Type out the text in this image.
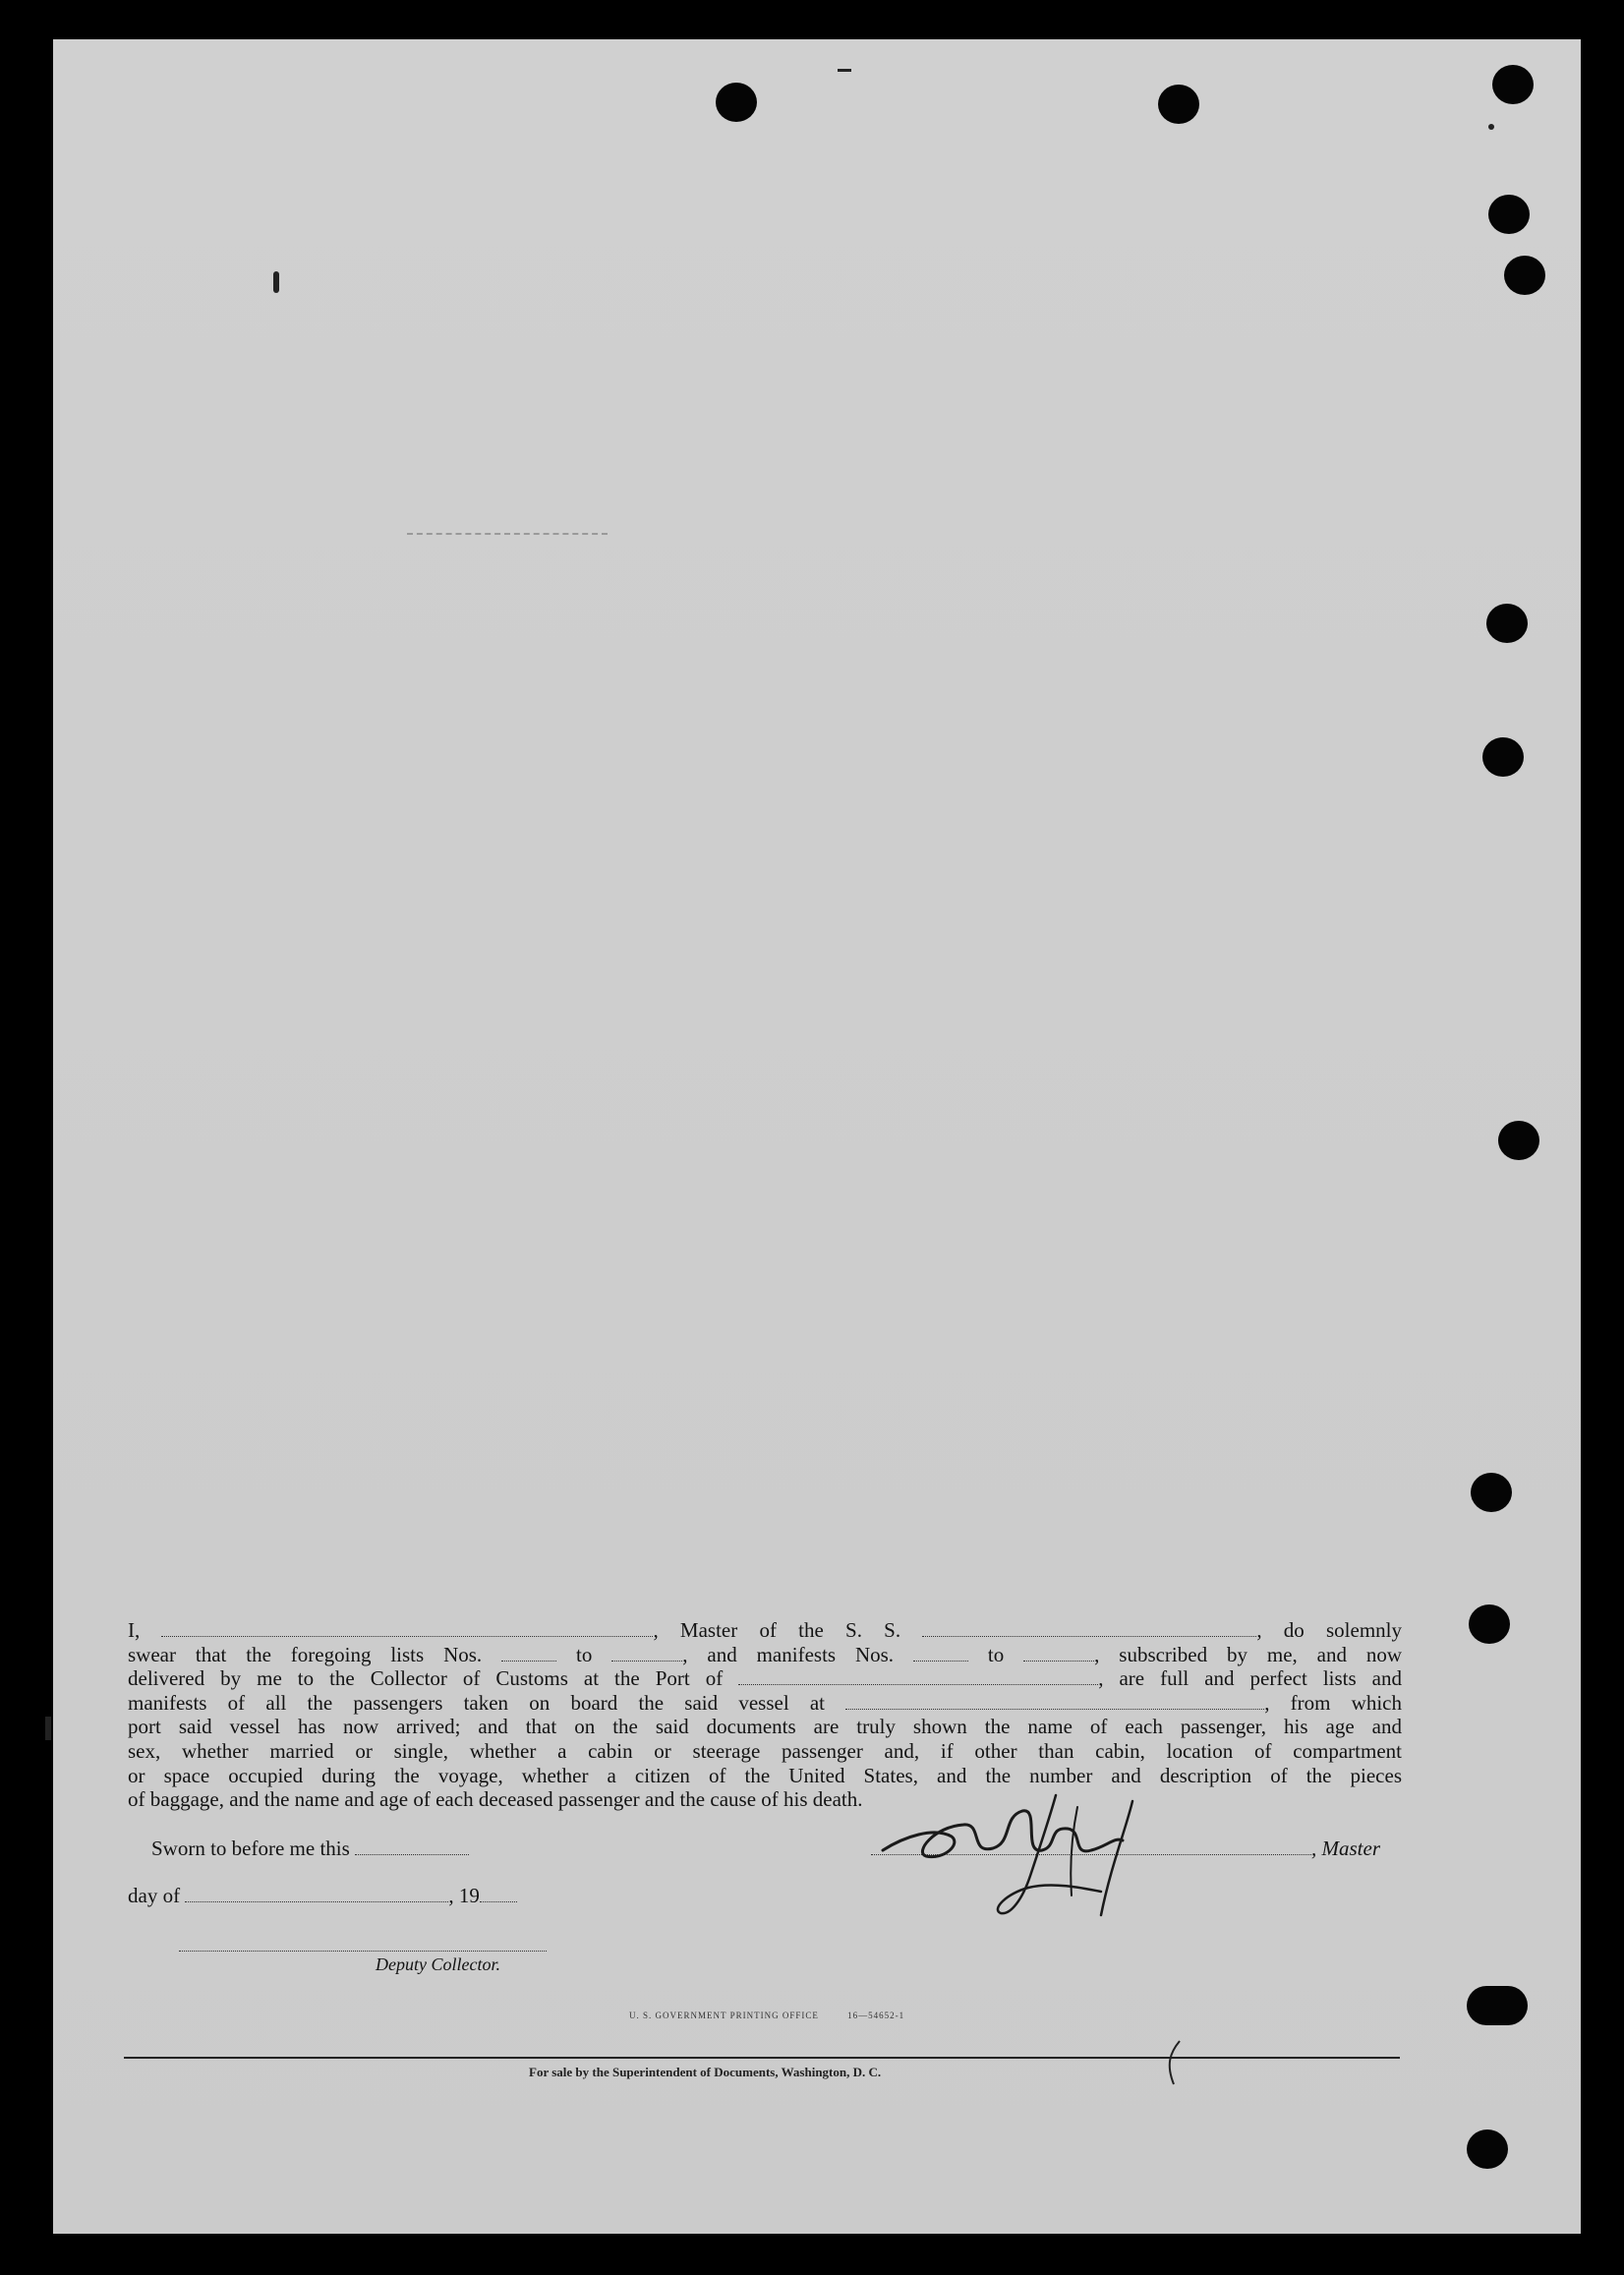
I,	, Master of the S. S.	, do solemnly

swear that the foregoing lists Nos.	to	, and manifests Nos.	to	, subscribed by me, and now

delivered by me to the Collector of Customs at the Port of	, are full and perfect lists and

manifests of all the passengers taken on board the said vessel at	, from which

port said vessel has now arrived; and that on the said documents are truly shown the name of each passenger, his age and

sex, whether married or single, whether a cabin or steerage passenger and, if other than cabin, location of compartment

or space occupied during the voyage, whether a citizen of the United States, and the number and description of the pieces

of baggage, and the name and age of each deceased passenger and the cause of his death.

Sworn to before me this	, Master
day of	, 19
Deputy Collector.
U. S. GOVERNMENT PRINTING OFFICE	16—54652-1
For sale by the Superintendent of Documents, Washington, D. C.
